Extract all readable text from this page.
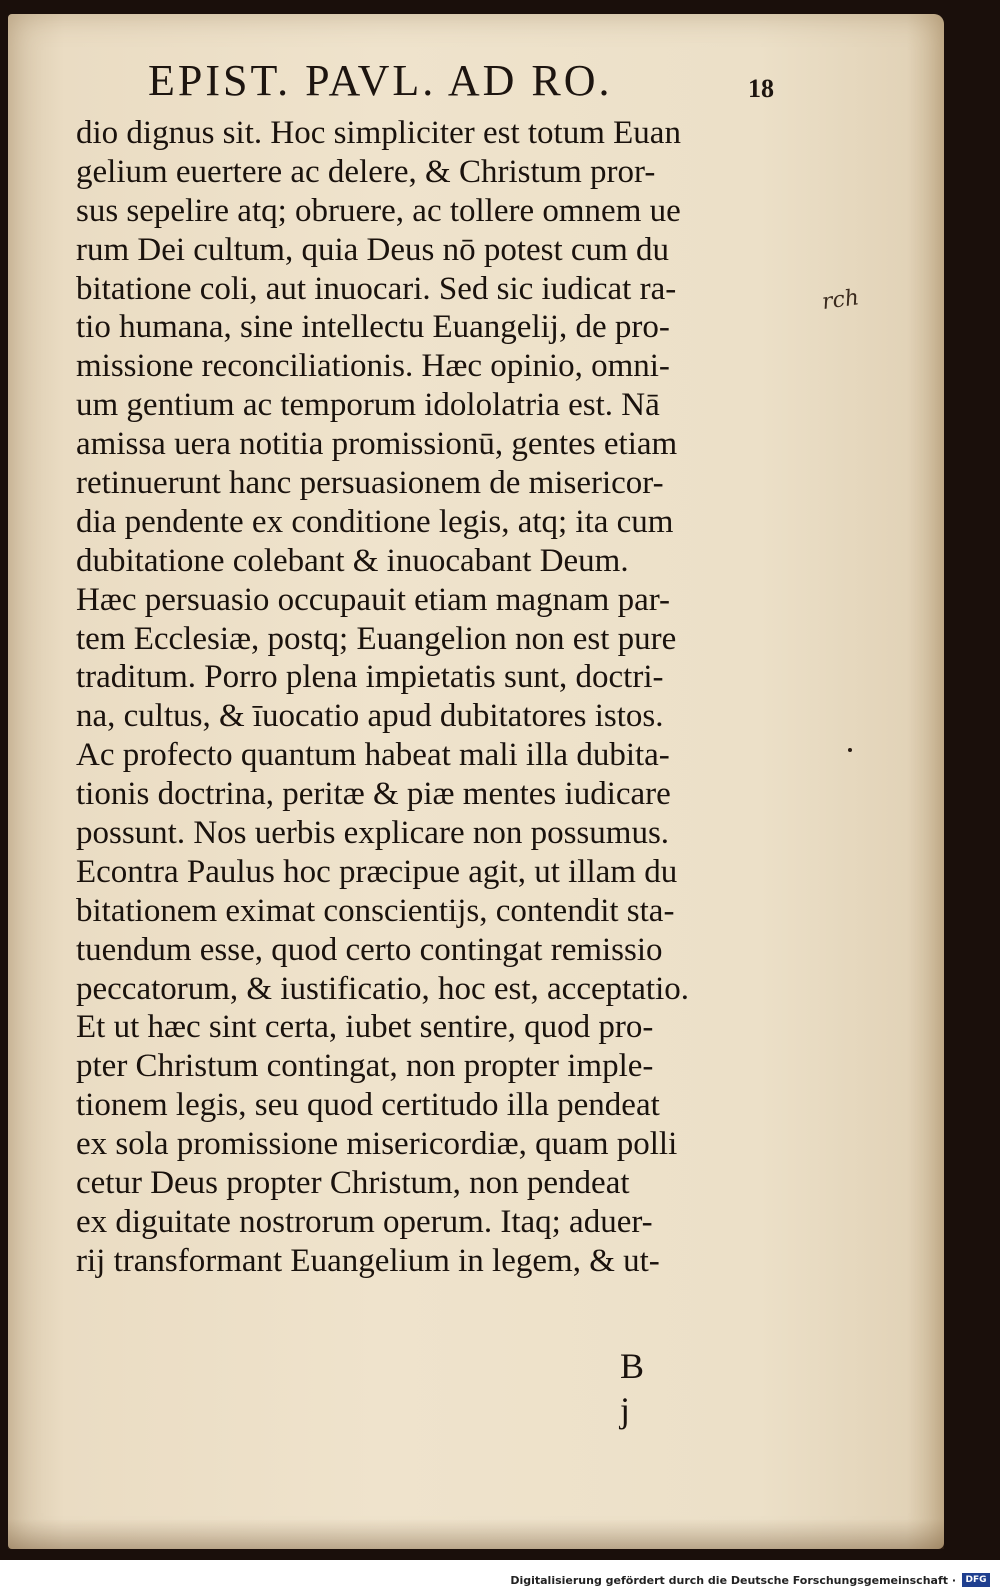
EPIST. PAVL. AD RO.	18
rch
dio dignus sit. Hoc simpliciter est totum Euan
gelium euertere ac delere, & Christum pror-
sus sepelire atq; obruere, ac tollere omnem ue
rum Dei cultum, quia Deus nō potest cum du
bitatione coli, aut inuocari. Sed sic iudicat ra-
tio humana, sine intellectu Euangelij, de pro-
missione reconciliationis. Hæc opinio, omni-
um gentium ac temporum idololatria est. Nā
amissa uera notitia promissionū, gentes etiam
retinuerunt hanc persuasionem de misericor-
dia pendente ex conditione legis, atq; ita cum
dubitatione colebant & inuocabant Deum.
Hæc persuasio occupauit etiam magnam par-
tem Ecclesiæ, postq; Euangelion non est pure
traditum. Porro plena impietatis sunt, doctri-
na, cultus, & īuocatio apud dubitatores istos.
Ac profecto quantum habeat mali illa dubita-
tionis doctrina, peritæ & piæ mentes iudicare
possunt. Nos uerbis explicare non possumus.
Econtra Paulus hoc præcipue agit, ut illam du
bitationem eximat conscientijs, contendit sta-
tuendum esse, quod certo contingat remissio
peccatorum, & iustificatio, hoc est, acceptatio.
Et ut hæc sint certa, iubet sentire, quod pro-
pter Christum contingat, non propter imple-
tionem legis, seu quod certitudo illa pendeat
ex sola promissione misericordiæ, quam polli
cetur Deus propter Christum, non pendeat
ex diguitate nostrorum operum. Itaq; aduer-
rij transformant Euangelium in legem, & ut-
B j
Digitalisierung gefördert durch die Deutsche Forschungsgemeinschaft ·	DFG
